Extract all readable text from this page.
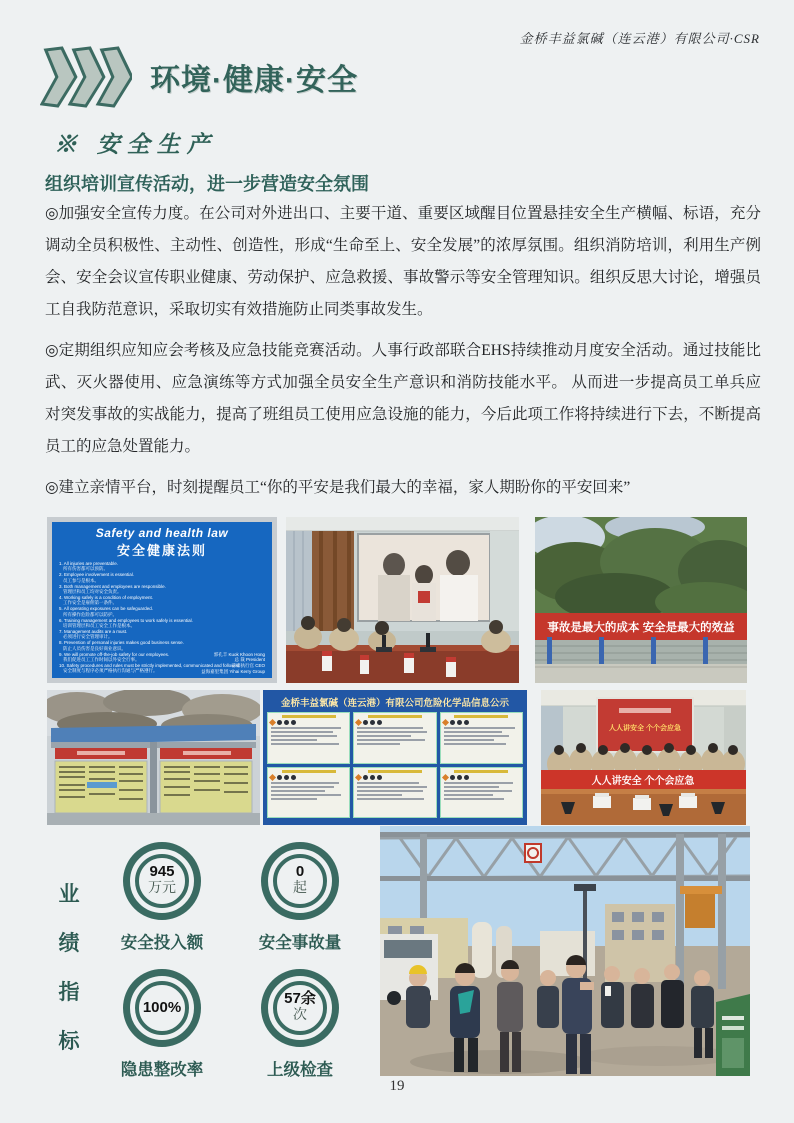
金桥丰益氯碱（连云港）有限公司·CSR
环境·健康·安全
※ 安全生产
组织培训宣传活动，进一步营造安全氛围

◎加强安全宣传力度。在公司对外进出口、主要干道、重要区域醒目位置悬挂安全生产横幅、标语，充分调动全员积极性、主动性、创造性，形成“生命至上、安全发展”的浓厚氛围。组织消防培训，利用生产例会、安全会议宣传职业健康、劳动保护、应急救援、事故警示等安全管理知识。组织反思大讨论，增强员工自我防范意识，采取切实有效措施防止同类事故发生。

◎定期组织应知应会考核及应急技能竞赛活动。人事行政部联合EHS持续推动月度安全活动。通过技能比武、灭火器使用、应急演练等方式加强全员安全生产意识和消防技能水平。 从而进一步提高员工单兵应对突发事故的实战能力，提高了班组员工使用应急设施的能力，今后此项工作将持续进行下去，不断提高员工的应急处置能力。

◎建立亲情平台，时刻提醒员工“你的平安是我们最大的幸福，家人期盼你的平安回来”

Safety and health law
安全健康法则
1. All injuries are preventable.
所有伤害都可以预防。
2. Employee involvement is essential.
员工参与是根本。
3. Both management and employees are responsible.
管理层和员工均对安全负责。
4. Working safely is a condition of employment.
工作安全是雇佣第一条件。
5. All operating exposures can be safeguarded.
所有操作危险都可以防护。
6. Training management and employees to work safely is essential.
培训管理层和员工安全工作是根本。
7. Management audits are a must.
必须进行安全管理审计。
8. Prevention of personal injuries makes good business sense.
防止人员伤害是良好商业意识。
9. We will promote off-the-job safety for our employees.
我们促进员工工作时间以外安全行事。
10. Safety procedures and rules must be strictly implemented, communicated and followed.
安全制度与程序必须严格执行沟通与严格遵行。
郭孔丰 Kuok Khoon Hong
总 裁 President
首席执行官 CEO
益海嘉里集团 Yihai Kerry Group
事故是最大的成本 安全是最大的效益
金桥丰益氯碱（连云港）有限公司危险化学品信息公示
人人讲安全 个个会应急
人人讲安全 个个会应急
业
绩
指
标
945
万元
安全投入额
0
起
安全事故量
100%
隐患整改率
57余
次
上级检查
19
